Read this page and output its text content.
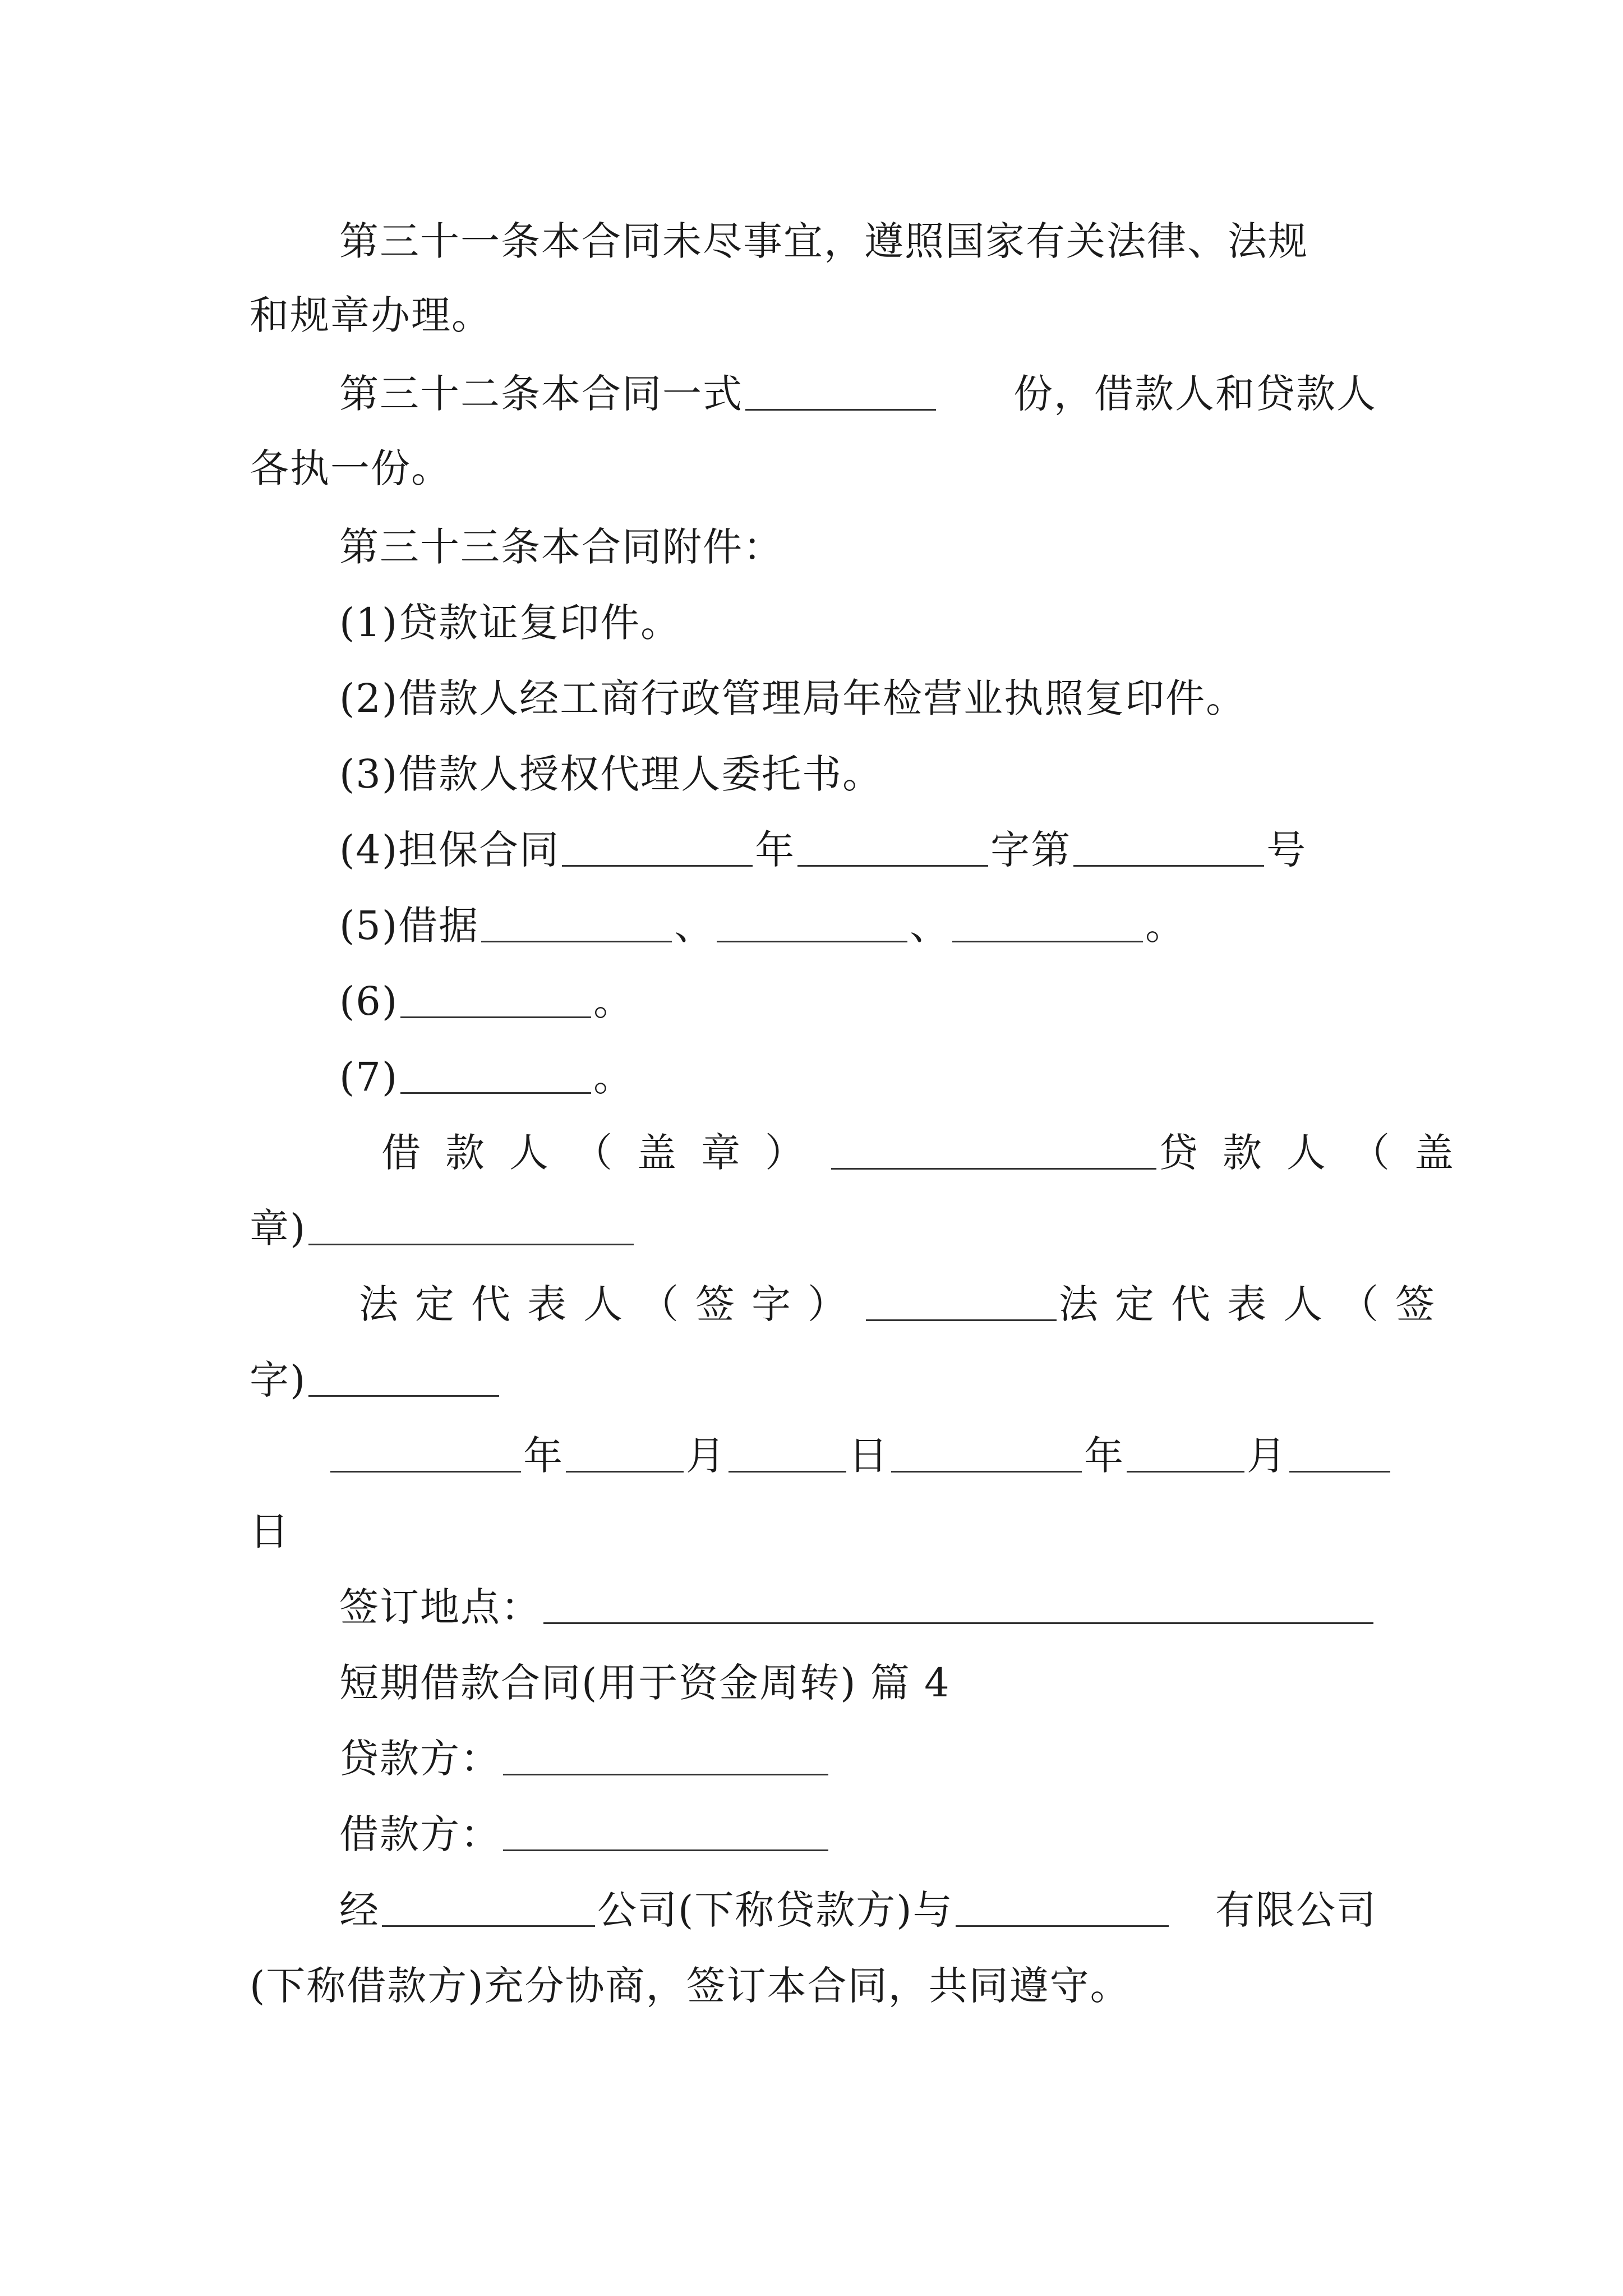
第三十一条本合同未尽事宜，遵照国家有关法律、法规
和规章办理。
第三十二条本合同一式	份，借款人和贷款人
各执一份。
第三十三条本合同附件：
(1)贷款证复印件。
(2)借款人经工商行政管理局年检营业执照复印件。
(3)借款人授权代理人委托书。
(4)担保合同	年	字第	号
(5)借据	、	、	。
(6)	。
(7)	。
借款人（盖章）	贷款人（盖
章)
法定代表人（签字）	法定代表人（签
字)
年	月	日	年	月
日
签订地点：
短期借款合同(用于资金周转) 篇 4
贷款方：
借款方：
经	公司(下称贷款方)与	有限公司
(下称借款方)充分协商，签订本合同，共同遵守。
